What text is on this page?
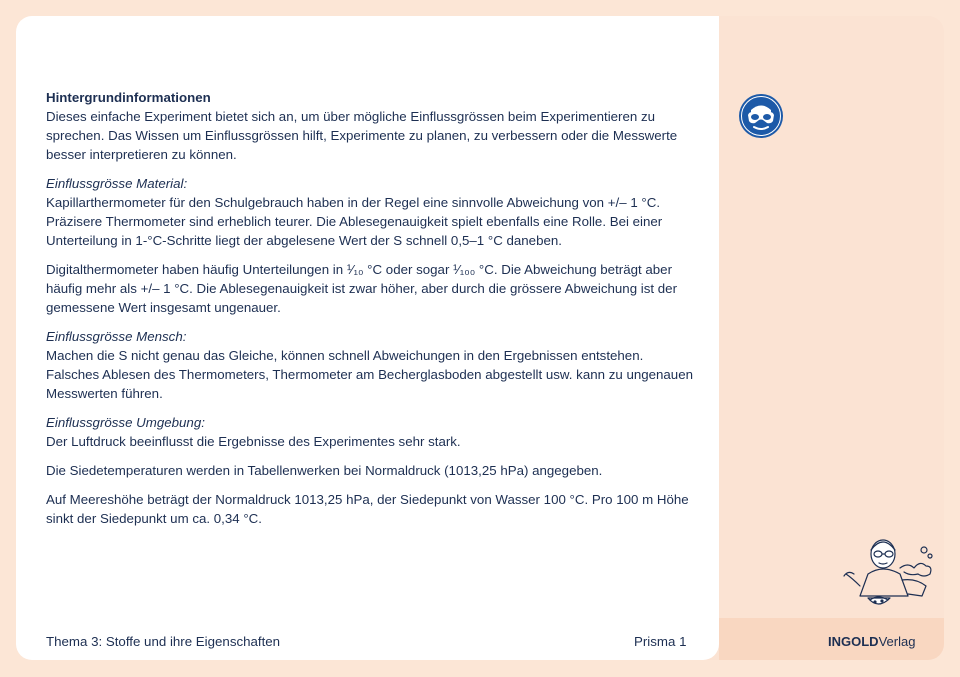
Hintergrundinformationen
Dieses einfache Experiment bietet sich an, um über mögliche Einflussgrössen beim Experimentieren zu sprechen. Das Wissen um Einflussgrössen hilft, Experimente zu planen, zu verbessern oder die Messwerte besser interpretieren zu können.

Einflussgrösse Material:
Kapillarthermometer für den Schulgebrauch haben in der Regel eine sinnvolle Abweichung von +/– 1 °C. Präzisere Thermometer sind erheblich teurer. Die Ablesegenauigkeit spielt ebenfalls eine Rolle. Bei einer Unterteilung in 1-°C-Schritte liegt der abgelesene Wert der S schnell 0,5–1 °C daneben.

Digitalthermometer haben häufig Unterteilungen in ¹⁄₁₀ °C oder sogar ¹⁄₁₀₀ °C. Die Abweichung beträgt aber häufig mehr als +/– 1 °C. Die Ablesegenauigkeit ist zwar höher, aber durch die grössere Abweichung ist der gemessene Wert insgesamt ungenauer.

Einflussgrösse Mensch:
Machen die S nicht genau das Gleiche, können schnell Abweichungen in den Ergebnissen entstehen. Falsches Ablesen des Thermometers, Thermometer am Becherglasboden abgestellt usw. kann zu ungenauen Messwerten führen.

Einflussgrösse Umgebung:
Der Luftdruck beeinflusst die Ergebnisse des Experimentes sehr stark.

Die Siedetemperaturen werden in Tabellenwerken bei Normaldruck (1013,25 hPa) angegeben.

Auf Meereshöhe beträgt der Normaldruck 1013,25 hPa, der Siedepunkt von Wasser 100 °C. Pro 100 m Höhe sinkt der Siedepunkt um ca. 0,34 °C.

Thema 3: Stoffe und ihre Eigenschaften	Prisma 1	INGOLDVerlag
